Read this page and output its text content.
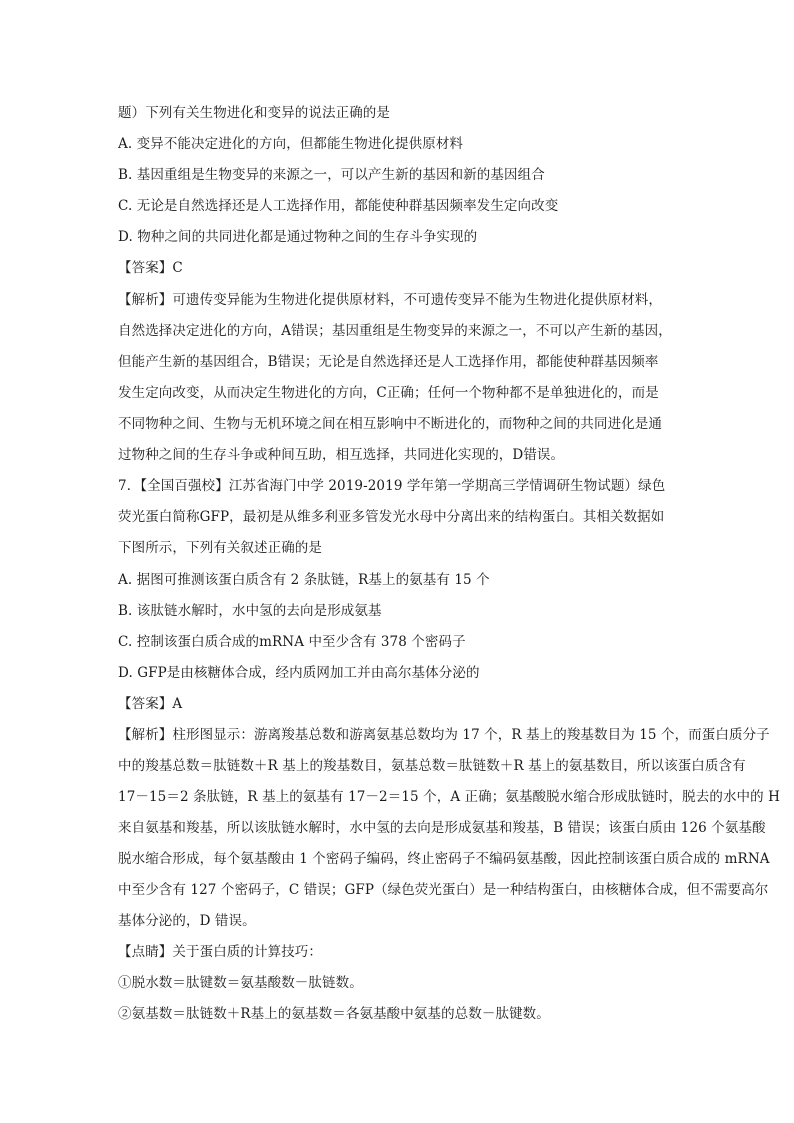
题）下列有关生物进化和变异的说法正确的是
A. 变异不能决定进化的方向，但都能生物进化提供原材料
B. 基因重组是生物变异的来源之一，可以产生新的基因和新的基因组合
C. 无论是自然选择还是人工选择作用，都能使种群基因频率发生定向改变
D. 物种之间的共同进化都是通过物种之间的生存斗争实现的
【答案】C
【解析】可遗传变异能为生物进化提供原材料，不可遗传变异不能为生物进化提供原材料，
自然选择决定进化的方向，A错误；基因重组是生物变异的来源之一，不可以产生新的基因，
但能产生新的基因组合，B错误；无论是自然选择还是人工选择作用，都能使种群基因频率
发生定向改变，从而决定生物进化的方向，C正确；任何一个物种都不是单独进化的，而是
不同物种之间、生物与无机环境之间在相互影响中不断进化的，而物种之间的共同进化是通
过物种之间的生存斗争或种间互助，相互选择，共同进化实现的，D错误。
7．【全国百强校】江苏省海门中学 2019-2019 学年第一学期高三学情调研生物试题）绿色
荧光蛋白简称GFP，最初是从维多利亚多管发光水母中分离出来的结构蛋白。其相关数据如
下图所示，下列有关叙述正确的是
A. 据图可推测该蛋白质含有 2 条肽链，R基上的氨基有 15 个
B. 该肽链水解时，水中氢的去向是形成氨基
C. 控制该蛋白质合成的mRNA 中至少含有 378 个密码子
D. GFP是由核糖体合成，经内质网加工并由高尔基体分泌的
【答案】A
【解析】柱形图显示：游离羧基总数和游离氨基总数均为 17 个，R 基上的羧基数目为 15 个，而蛋白质分子
中的羧基总数＝肽链数＋R 基上的羧基数目，氨基总数＝肽链数＋R 基上的氨基数目，所以该蛋白质含有
17－15＝2 条肽链，R 基上的氨基有 17－2＝15 个，A 正确；氨基酸脱水缩合形成肽链时，脱去的水中的 H
来自氨基和羧基，所以该肽链水解时，水中氢的去向是形成氨基和羧基，B 错误；该蛋白质由 126 个氨基酸
脱水缩合形成，每个氨基酸由 1 个密码子编码，终止密码子不编码氨基酸，因此控制该蛋白质合成的 mRNA
中至少含有 127 个密码子，C 错误；GFP（绿色荧光蛋白）是一种结构蛋白，由核糖体合成，但不需要高尔
基体分泌的，D 错误。
【点睛】关于蛋白质的计算技巧：
①脱水数＝肽键数＝氨基酸数－肽链数。
②氨基数＝肽链数＋R基上的氨基数＝各氨基酸中氨基的总数－肽键数。
